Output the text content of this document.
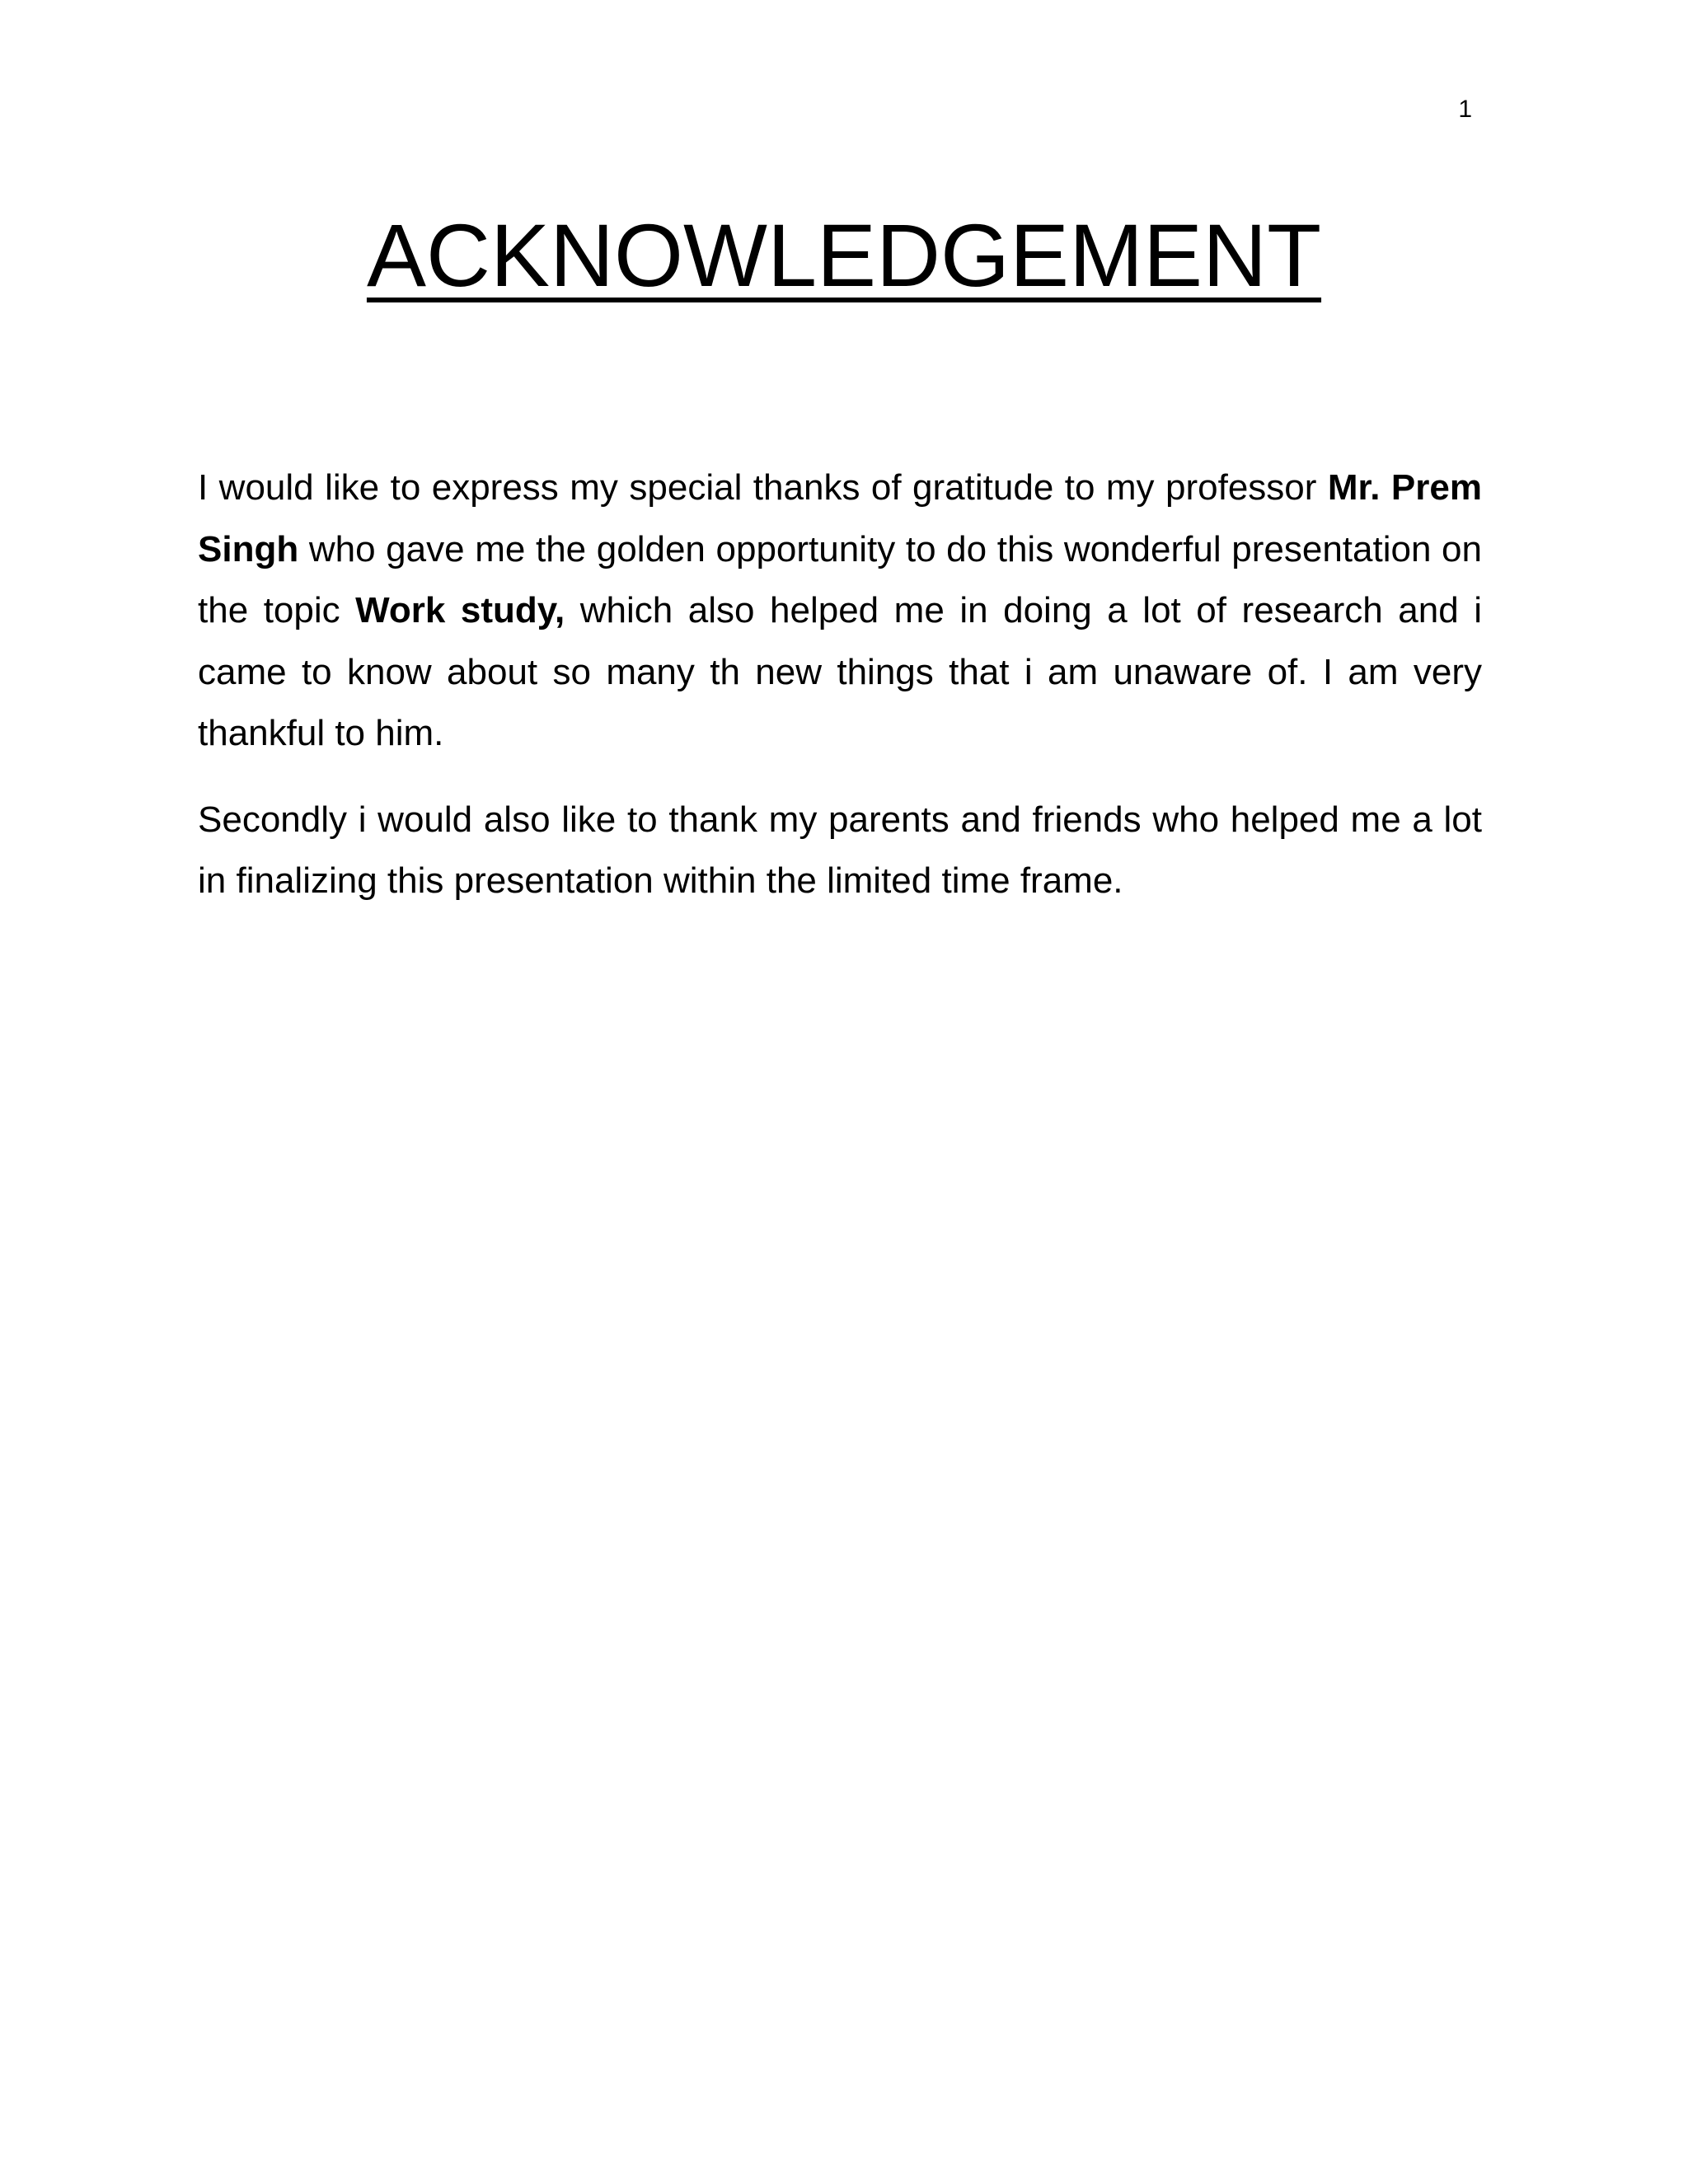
1
ACKNOWLEDGEMENT

I would like to express my special thanks of gratitude to my professor Mr. Prem Singh who gave me the golden opportunity to do this wonderful presentation on the topic Work study, which also helped me in doing a lot of research and i came to know about so many th new things that i am unaware of. I am very thankful to him.

Secondly i would also like to thank my parents and friends who helped me a lot in finalizing this presentation within the limited time frame.
